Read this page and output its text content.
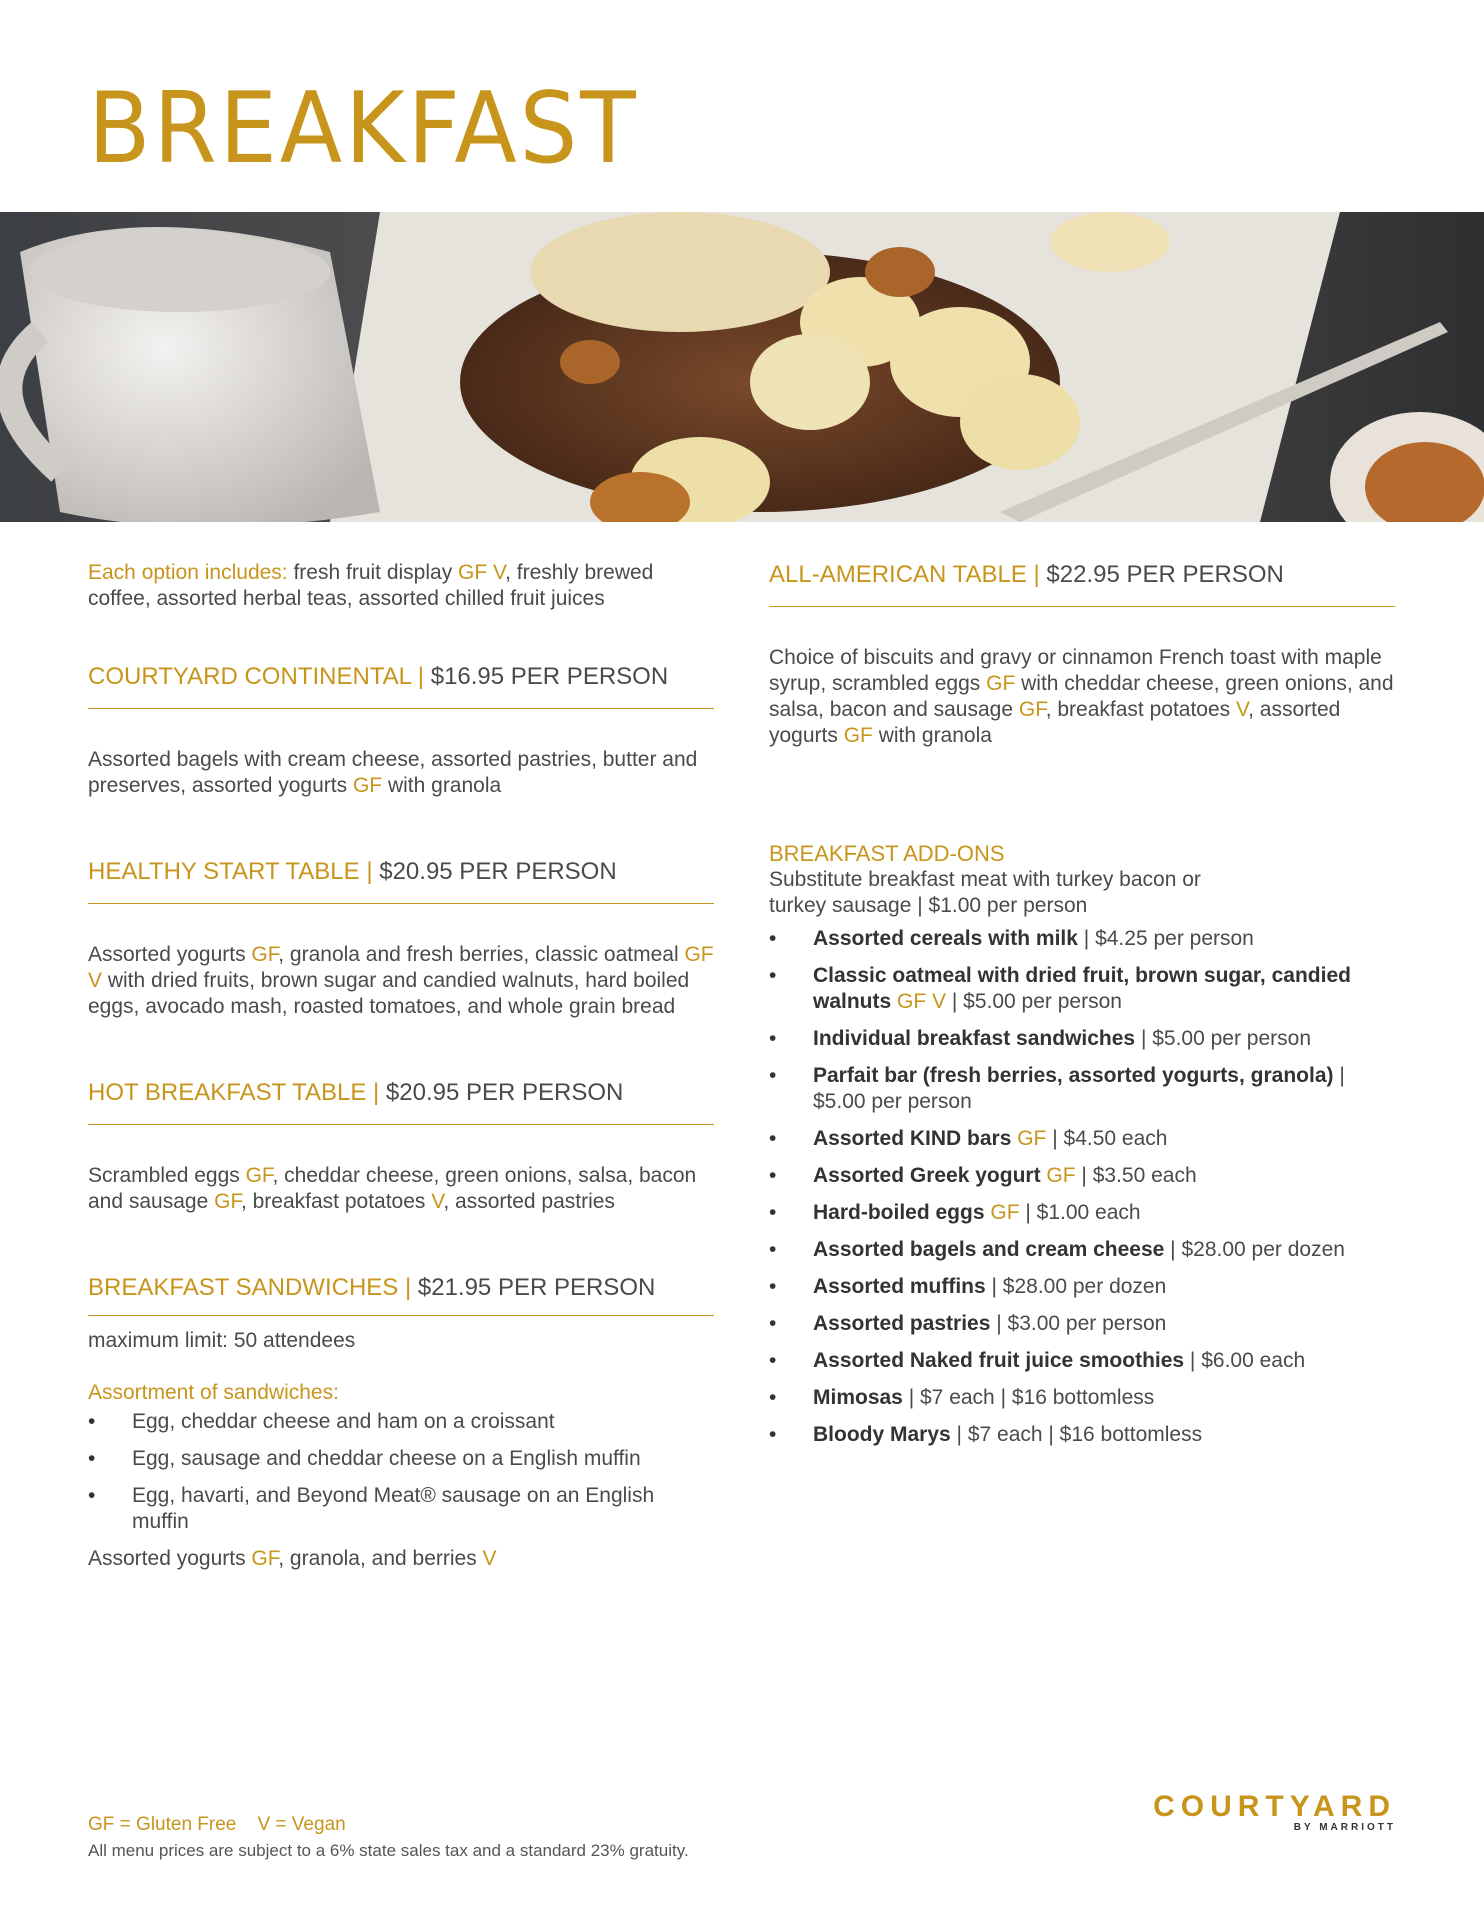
BREAKFAST

Each option includes: fresh fruit display GF V, freshly brewed coffee, assorted herbal teas, assorted chilled fruit juices

COURTYARD CONTINENTAL | $16.95 PER PERSON

Assorted bagels with cream cheese, assorted pastries, butter and preserves, assorted yogurts GF with granola

HEALTHY START TABLE | $20.95 PER PERSON

Assorted yogurts GF, granola and fresh berries, classic oatmeal GF V with dried fruits, brown sugar and candied walnuts, hard boiled eggs, avocado mash, roasted tomatoes, and whole grain bread

HOT BREAKFAST TABLE | $20.95 PER PERSON

Scrambled eggs GF, cheddar cheese, green onions, salsa, bacon and sausage GF, breakfast potatoes V, assorted pastries

BREAKFAST SANDWICHES | $21.95 PER PERSON

maximum limit: 50 attendees

Assortment of sandwiches:

• Egg, cheddar cheese and ham on a croissant
• Egg, sausage and cheddar cheese on a English muffin
• Egg, havarti, and Beyond Meat® sausage on an English muffin

Assorted yogurts GF, granola, and berries V

ALL-AMERICAN TABLE | $22.95 PER PERSON

Choice of biscuits and gravy or cinnamon French toast with maple syrup, scrambled eggs GF with cheddar cheese, green onions, and salsa, bacon and sausage GF, breakfast potatoes V, assorted yogurts GF with granola

BREAKFAST ADD-ONS

Substitute breakfast meat with turkey bacon or turkey sausage | $1.00 per person

• Assorted cereals with milk | $4.25 per person
• Classic oatmeal with dried fruit, brown sugar, candied walnuts GF V | $5.00 per person
• Individual breakfast sandwiches | $5.00 per person
• Parfait bar (fresh berries, assorted yogurts, granola) | $5.00 per person
• Assorted KIND bars GF | $4.50 each
• Assorted Greek yogurt GF | $3.50 each
• Hard-boiled eggs GF | $1.00 each
• Assorted bagels and cream cheese | $28.00 per dozen
• Assorted muffins | $28.00 per dozen
• Assorted pastries | $3.00 per person
• Assorted Naked fruit juice smoothies | $6.00 each
• Mimosas | $7 each | $16 bottomless
• Bloody Marys | $7 each | $16 bottomless

GF = Gluten Free    V = Vegan

All menu prices are subject to a 6% state sales tax and a standard 23% gratuity.

COURTYARD
BY MARRIOTT
